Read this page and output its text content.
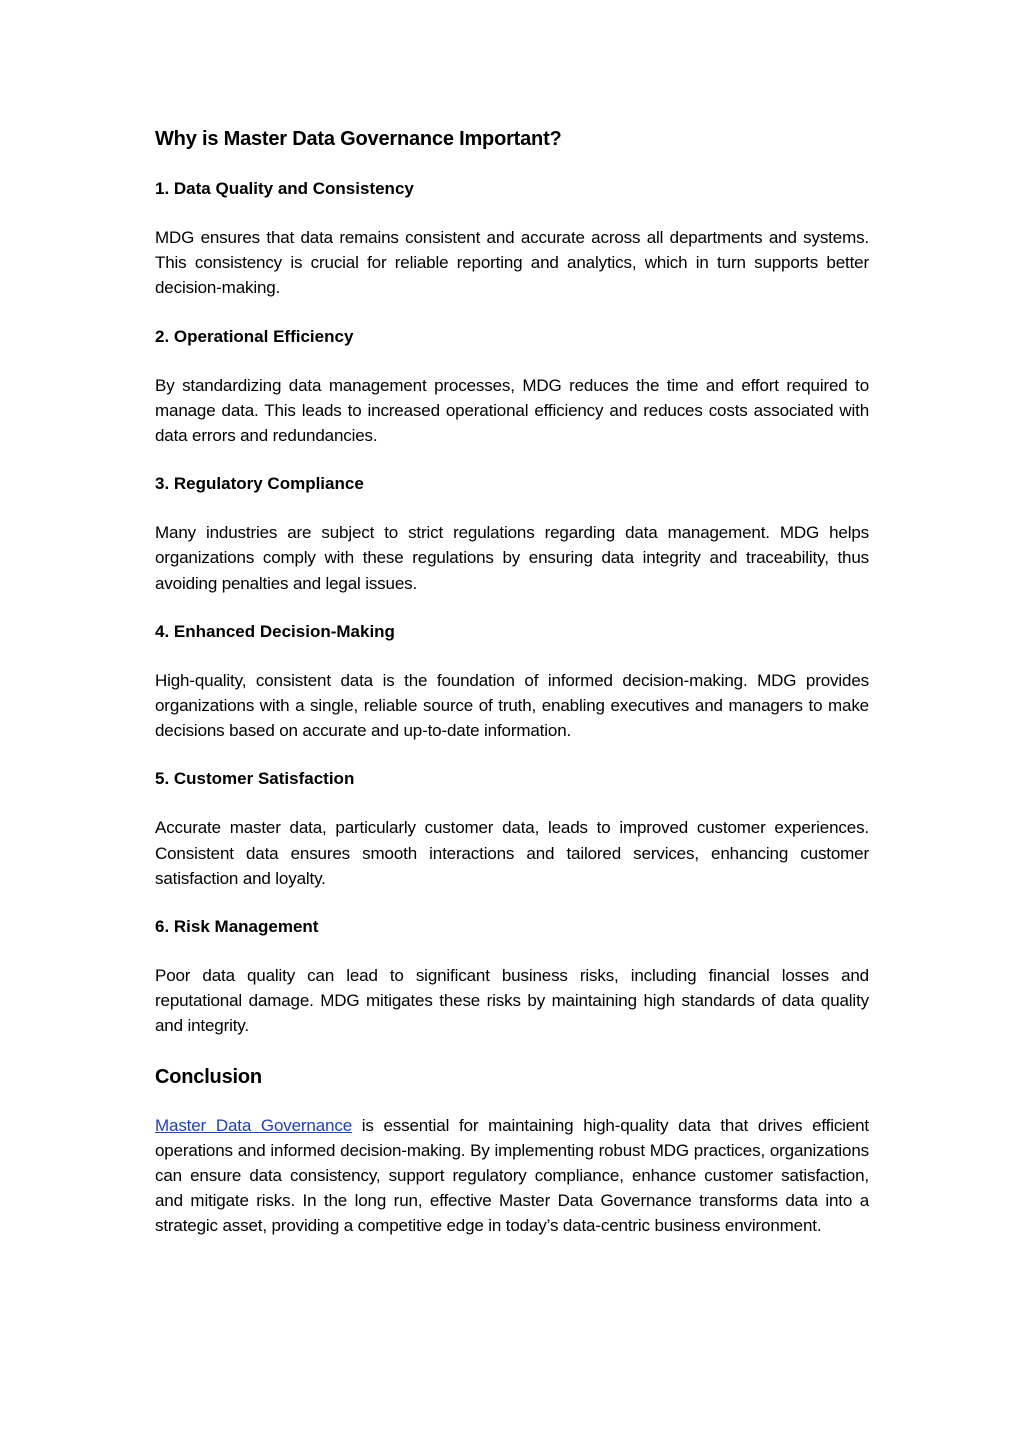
Why is Master Data Governance Important?
1. Data Quality and Consistency

MDG ensures that data remains consistent and accurate across all departments and systems. This consistency is crucial for reliable reporting and analytics, which in turn supports better decision-making.

2. Operational Efficiency

By standardizing data management processes, MDG reduces the time and effort required to manage data. This leads to increased operational efficiency and reduces costs associated with data errors and redundancies.

3. Regulatory Compliance

Many industries are subject to strict regulations regarding data management. MDG helps organizations comply with these regulations by ensuring data integrity and traceability, thus avoiding penalties and legal issues.

4. Enhanced Decision-Making

High-quality, consistent data is the foundation of informed decision-making. MDG provides organizations with a single, reliable source of truth, enabling executives and managers to make decisions based on accurate and up-to-date information.

5. Customer Satisfaction

Accurate master data, particularly customer data, leads to improved customer experiences. Consistent data ensures smooth interactions and tailored services, enhancing customer satisfaction and loyalty.

6. Risk Management

Poor data quality can lead to significant business risks, including financial losses and reputational damage. MDG mitigates these risks by maintaining high standards of data quality and integrity.

Conclusion

Master Data Governance is essential for maintaining high-quality data that drives efficient operations and informed decision-making. By implementing robust MDG practices, organizations can ensure data consistency, support regulatory compliance, enhance customer satisfaction, and mitigate risks. In the long run, effective Master Data Governance transforms data into a strategic asset, providing a competitive edge in today’s data-centric business environment.
